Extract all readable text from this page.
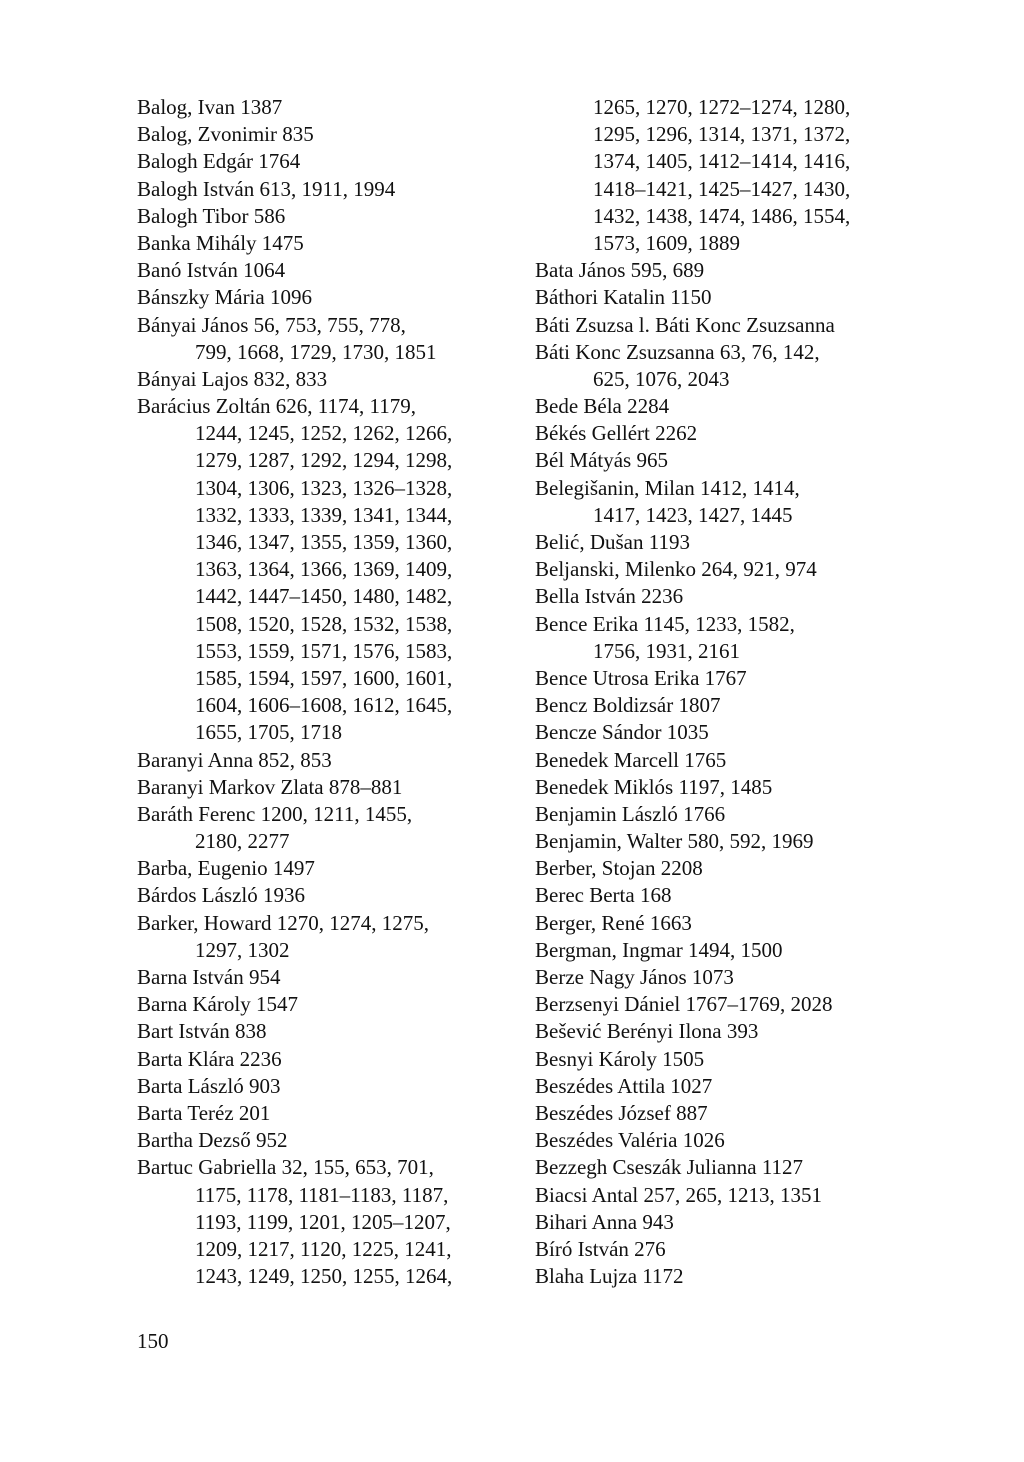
Balog, Ivan 1387
Balog, Zvonimir 835
Balogh Edgár 1764
Balogh István 613, 1911, 1994
Balogh Tibor 586
Banka Mihály 1475
Banó István 1064
Bánszky Mária 1096
Bányai János 56, 753, 755, 778,
799, 1668, 1729, 1730, 1851
Bányai Lajos 832, 833
Barácius Zoltán 626, 1174, 1179,
1244, 1245, 1252, 1262, 1266,
1279, 1287, 1292, 1294, 1298,
1304, 1306, 1323, 1326–1328,
1332, 1333, 1339, 1341, 1344,
1346, 1347, 1355, 1359, 1360,
1363, 1364, 1366, 1369, 1409,
1442, 1447–1450, 1480, 1482,
1508, 1520, 1528, 1532, 1538,
1553, 1559, 1571, 1576, 1583,
1585, 1594, 1597, 1600, 1601,
1604, 1606–1608, 1612, 1645,
1655, 1705, 1718
Baranyi Anna 852, 853
Baranyi Markov Zlata 878–881
Baráth Ferenc 1200, 1211, 1455,
2180, 2277
Barba, Eugenio 1497
Bárdos László 1936
Barker, Howard 1270, 1274, 1275,
1297, 1302
Barna István 954
Barna Károly 1547
Bart István 838
Barta Klára 2236
Barta László 903
Barta Teréz 201
Bartha Dezső 952
Bartuc Gabriella 32, 155, 653, 701,
1175, 1178, 1181–1183, 1187,
1193, 1199, 1201, 1205–1207,
1209, 1217, 1120, 1225, 1241,
1243, 1249, 1250, 1255, 1264,
1265, 1270, 1272–1274, 1280,
1295, 1296, 1314, 1371, 1372,
1374, 1405, 1412–1414, 1416,
1418–1421, 1425–1427, 1430,
1432, 1438, 1474, 1486, 1554,
1573, 1609, 1889
Bata János 595, 689
Báthori Katalin 1150
Báti Zsuzsa l. Báti Konc Zsuzsanna
Báti Konc Zsuzsanna 63, 76, 142,
625, 1076, 2043
Bede Béla 2284
Békés Gellért 2262
Bél Mátyás 965
Belegišanin, Milan 1412, 1414,
1417, 1423, 1427, 1445
Belić, Dušan 1193
Beljanski, Milenko 264, 921, 974
Bella István 2236
Bence Erika 1145, 1233, 1582,
1756, 1931, 2161
Bence Utrosa Erika 1767
Bencz Boldizsár 1807
Bencze Sándor 1035
Benedek Marcell 1765
Benedek Miklós 1197, 1485
Benjamin László 1766
Benjamin, Walter 580, 592, 1969
Berber, Stojan 2208
Berec Berta 168
Berger, René 1663
Bergman, Ingmar 1494, 1500
Berze Nagy János 1073
Berzsenyi Dániel 1767–1769, 2028
Bešević Berényi Ilona 393
Besnyi Károly 1505
Beszédes Attila 1027
Beszédes József 887
Beszédes Valéria 1026
Bezzegh Cseszák Julianna 1127
Biacsi Antal 257, 265, 1213, 1351
Bihari Anna 943
Bíró István 276
Blaha Lujza 1172
150
